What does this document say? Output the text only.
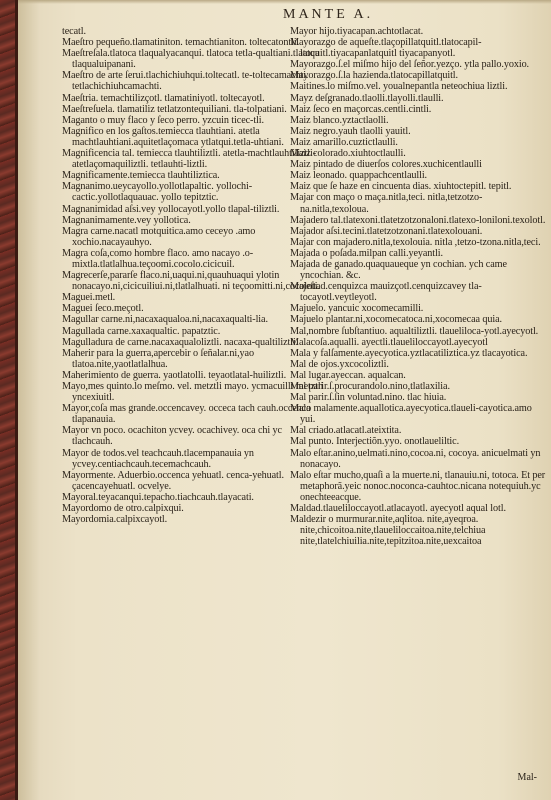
MANTE A.

tecatl.

Maeſtro pequeño.tlamatiniton. temachtianiton. toltecatontli.

Maeſtreſala.tlatoca tlaqualyacanqui. tlatoca tetla-qualtiani.tlatoca tlaqualuipanani.

Maeſtro de arte ſerui.tlachichiuhqui.toltecatl. te-toltecamachti. tetlachichiuhcamachti.

Maeſtria. temachtilizçotl. tlamatiniyotl. toltecayotl.

Maeſtreſuela. tlamatiliz tetlatzontequiliani. tla-tolpatiani.

Maganto o muy flaco y ſeco perro. yzcuin ticec-tli.

Magnifico en los gaſtos.temiecca tlauhtiani. atetla machtlauhtiani.aquitetlaçomaca ytlatqui.tetla-uhtiani.

Magnificencia tal. temiecca tlauhtiliztli. atetla-machtlauhtiliztli-atetlaçomaquiliztli. tetlauhti-liztli.

Magnificamente.temiecca tlauhtiliztica.

Magnanimo.ueycayollo.yollotlapaltic. yollochi-cactic.yollotlaquauac. yollo tepitztic.

Magnanimidad aſsi.vey yollocayotl.yollo tlapal-tiliztli.

Magnanimamente.vey yollotica.

Magra carne.nacatl motquitica.amo ceceyo .amo xochio.nacayauhyo.

Magra coſa,como hombre flaco. amo nacayo .o-mixtla.tlatlalhua.teçoomi.cocolo.cicicuil.

Magrecerſe,pararſe flaco.ni,uaqui.ni,quauhuaqui ylotin nonacayo.ni,cicicuiliui.ni,tlatlalhuati. ni teçoomitti.ni,cocoloti.

Maguei.metl.

Maguei ſeco.meçotl.

Magullar carne.ni,nacaxaqualoa.ni,nacaxaqualti-lia.

Magullada carne.xaxaqualtic. papatztic.

Magulladura de carne.nacaxaqualoliztli. nacaxa-qualtiliztli.

Maherir para la guerra,apercebir o ſeñalar.ni,yao tlatoa.nite,yaotlatlalhua.

Maherimiento de guerra. yaotlatolli. teyaotlatal-huiliztli.

Mayo,mes quinto.lo meſmo. vel. metztli mayo. ycmacuilli metztli yncexiuitl.

Mayor,coſa mas grande.occencavey. occeca tach cauh.occenca tlapanauia.

Mayor vn poco. ocachiton ycvey. ocachivey. oca chi yc tlachcauh.

Mayor de todos.vel teachcauh.tlacempanauia yn ycvey.centiachcauh.tecemachcauh.

Mayormente. Aduerbio.occenca yehuatl. cenca-yehuatl. çacencayehuatl. ocvelye.

Mayoral.teyacanqui.tepacho.tiachcauh.tlayacati.

Mayordomo de otro.calpixqui.

Mayordomia.calpixcayotl.

Mayor hijo.tiyacapan.achtotlacat.

Mayorazgo de aqueſte.tlaçopillatquitl.tlatocapil-latquitl.tiyacapanlatquitl tiyacapanyotl.

Mayorazgo.ſ.el miſmo hijo del ſeñor.yezço. ytla pallo.yoxio.

Mayorazgo.ſ.la hazienda.tlatocapillatquitl.

Maitines.lo miſmo.vel. youalnepantla neteochiua liztli.

Mayz deſgranado.tlaolli.tlayolli.tlaulli.

Maiz ſeco en maçorcas.centli.cintli.

Maiz blanco.yztactlaolli.

Maiz negro.yauh tlaolli yauitl.

Maiz amarillo.cuztictlaulli.

Maiz colorado.xiuhtoctlaulli.

Maiz pintado de diuerſos colores.xuchicentlaulli

Maiz leonado. quappachcentlaulli.

Maiz que ſe haze en cincuenta dias. xiuhtoctepitl. tepitl.

Majar con maço o maça.nitla,teci. nitla,tetzotzo-na.nitla,texoloua.

Majadero tal.tlatexoni.tlatetzotzonaloni.tlatexo-loniloni.texolotl.

Majador aſsi.tecini.tlatetzotzonani.tlatexolouani.

Majar con majadero.nitla,texolouia. nitla ,tetzo-tzona.nitla,teci.

Majada o poſada.milpan calli.yeyantli.

Majada de ganado.quaquaueque yn cochian. ych came yncochian. &c.

Majeſtad.cenquizca mauizçotl.cenquizcavey tla-tocayotl.veytleyotl.

Majuelo. yancuic xocomecamilli.

Majuelo plantar.ni,xocomecatoca.ni,xocomecaa quia.

Mal,nombre ſubſtantiuo. aqualtiliztli. tlaueliloca-yotl.ayecyotl.

Malacoſa.aqualli. ayectli.tlaueliloccayotl.ayecyotl

Mala y falſamente.ayecyotica.yztlacatiliztica.yz tlacayotica.

Mal de ojos.yxcocoliztli.

Mal lugar.ayeccan. aqualcan.

Mal parir.ſ.procurandolo.nino,tlatlaxilia.

Mal parir.ſ.ſin voluntad.nino. tlac hiuia.

Malo malamente.aquallotica.ayecyotica.tlaueli-cayotica.amo yui.

Mal criado.atlacatl.ateixtita.

Mal punto. Interjectiõn.yyo. onotlaueliltic.

Malo eſtar.anino,uelmati.nino,cocoa.ni, cocoya. anicuelmati yn nonacayo.

Malo eſtar mucho,quaſi a la muerte.ni, tlanauiu.ni, totoca. Et per metaphorã.yeic nonoc.noconca-cauhtoc.nicana notequiuh.yc onechteeacque.

Maldad.tlaueliloccayotl.atlacayotl. ayecyotl aqual lotl.

Maldezir o murmurar.nite,aqlitoa. nite,ayeqroa. nite,chicoitoa.nite,tlaueliloccaitoa.nite,telchiua nite,tlatelchiuilia.nite,tepitzitoa.nite,uexcaitoa

Mal-
